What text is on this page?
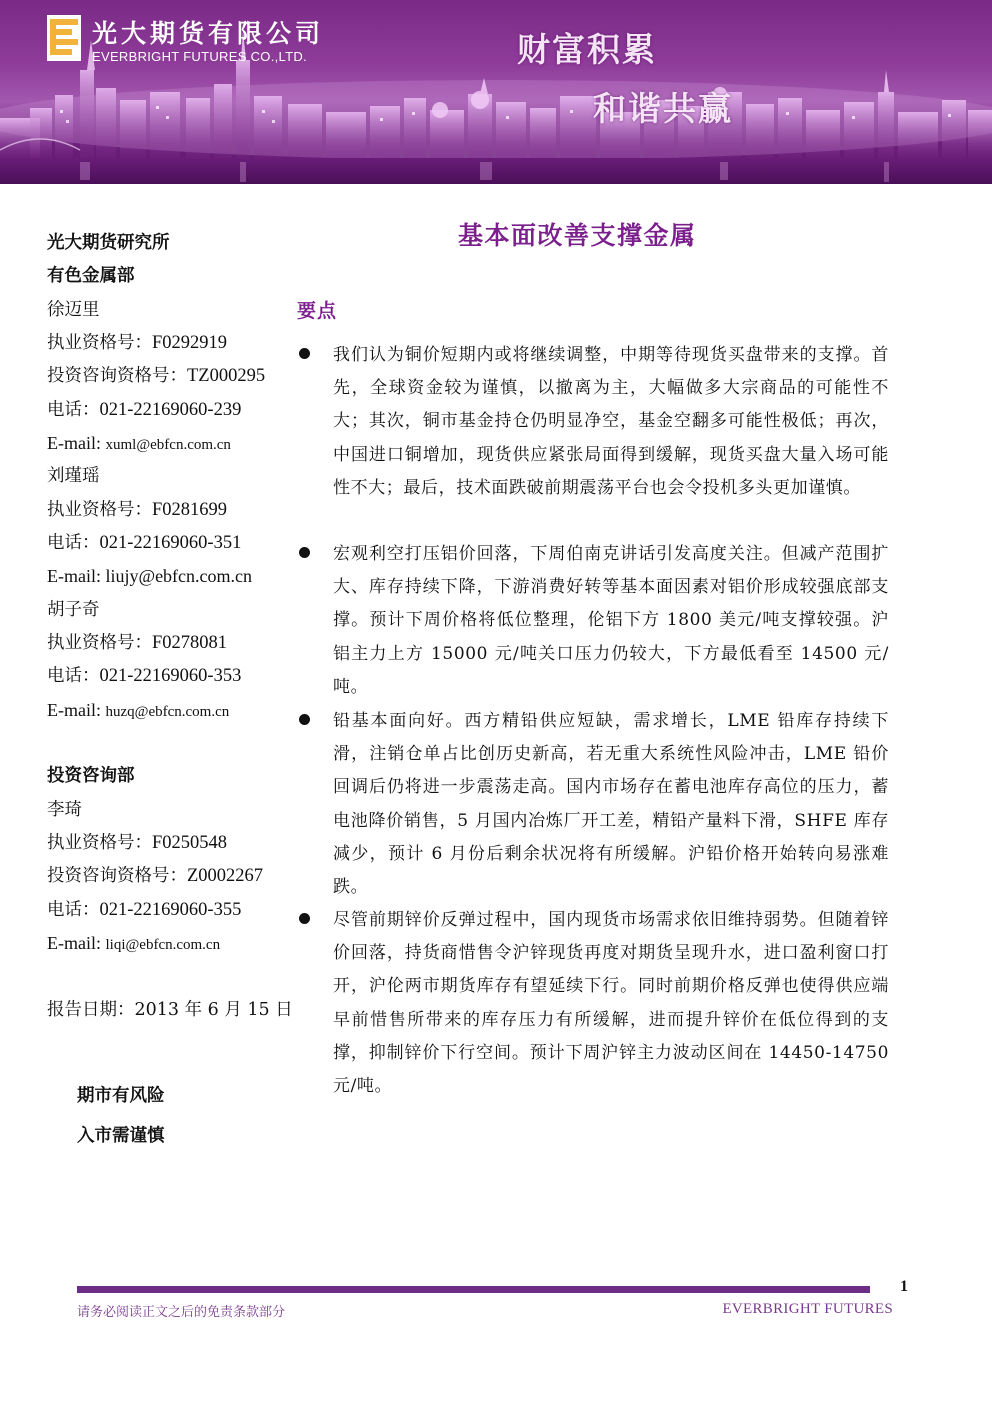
光大期货有限公司
EVERBRIGHT FUTURES CO.,LTD.	财富积累
和谐共赢
光大期货研究所
有色金属部
徐迈里
执业资格号：F0292919
投资咨询资格号：TZ000295
电话：021-22169060-239
E-mail: xuml@ebfcn.com.cn
刘瑾瑶
执业资格号：F0281699
电话：021-22169060-351
E-mail: liujy@ebfcn.com.cn
胡子奇
执业资格号：F0278081
电话：021-22169060-353
E-mail: huzq@ebfcn.com.cn
投资咨询部
李琦
执业资格号：F0250548
投资咨询资格号：Z0002267
电话：021-22169060-355
E-mail: liqi@ebfcn.com.cn
报告日期：2013 年 6 月 15 日
期市有风险
入市需谨慎
基本面改善支撑金属
要点
我们认为铜价短期内或将继续调整，中期等待现货买盘带来的支撑。首先，全球资金较为谨慎，以撤离为主，大幅做多大宗商品的可能性不大；其次，铜市基金持仓仍明显净空，基金空翻多可能性极低；再次，中国进口铜增加，现货供应紧张局面得到缓解，现货买盘大量入场可能性不大；最后，技术面跌破前期震荡平台也会令投机多头更加谨慎。
宏观利空打压铝价回落，下周伯南克讲话引发高度关注。但减产范围扩大、库存持续下降，下游消费好转等基本面因素对铝价形成较强底部支撑。预计下周价格将低位整理，伦铝下方 1800 美元/吨支撑较强。沪铝主力上方 15000 元/吨关口压力仍较大，下方最低看至 14500 元/吨。
铅基本面向好。西方精铅供应短缺，需求增长，LME 铅库存持续下滑，注销仓单占比创历史新高，若无重大系统性风险冲击，LME 铅价回调后仍将进一步震荡走高。国内市场存在蓄电池库存高位的压力，蓄电池降价销售，5 月国内冶炼厂开工差，精铅产量料下滑，SHFE 库存减少，预计 6 月份后剩余状况将有所缓解。沪铅价格开始转向易涨难跌。
尽管前期锌价反弹过程中，国内现货市场需求依旧维持弱势。但随着锌价回落，持货商惜售令沪锌现货再度对期货呈现升水，进口盈利窗口打开，沪伦两市期货库存有望延续下行。同时前期价格反弹也使得供应端早前惜售所带来的库存压力有所缓解，进而提升锌价在低位得到的支撑，抑制锌价下行空间。预计下周沪锌主力波动区间在 14450-14750 元/吨。
1
请务必阅读正文之后的免责条款部分	EVERBRIGHT FUTURES
